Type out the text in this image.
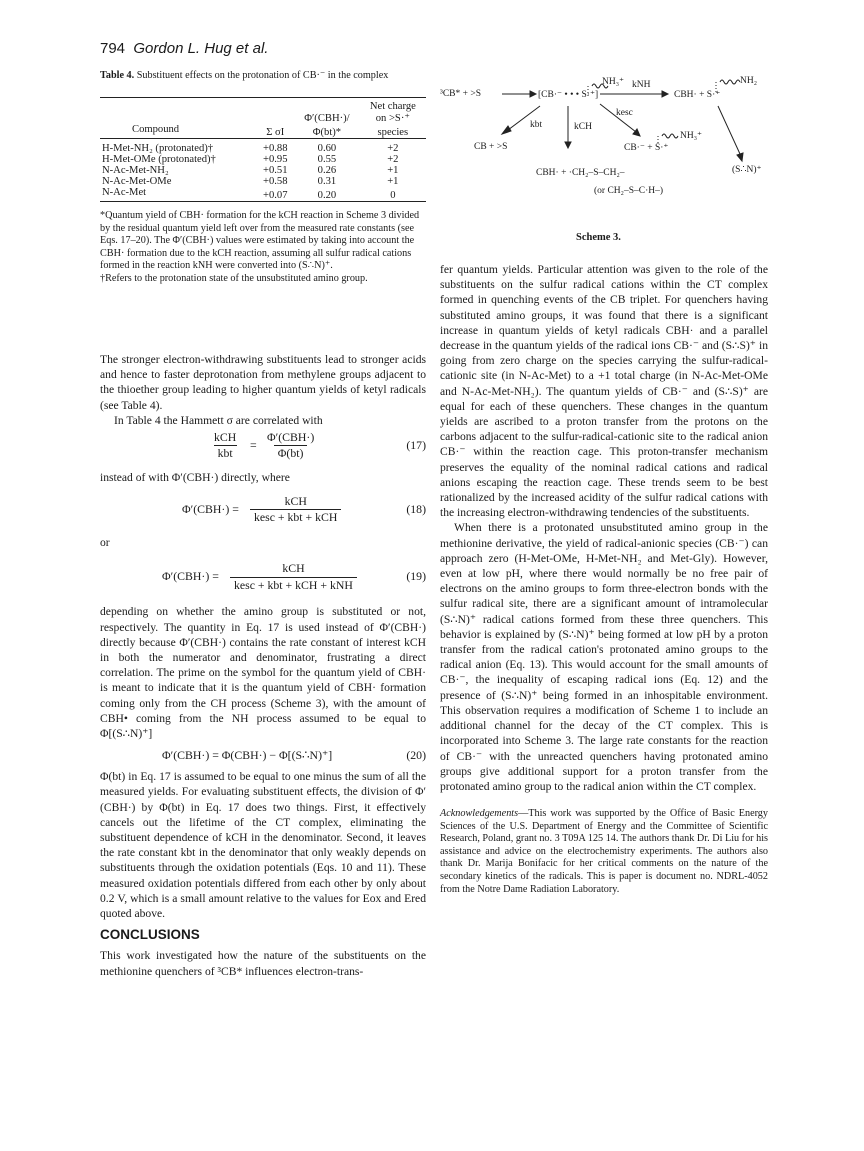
794 Gordon L. Hug et al.

Table 4. Substituent effects on the protonation of CB·⁻ in the complex

			Net charge
		Φ′(CBH·)/	on >S·⁺
Compound	Σ σI	Φ(bt)*	species

H-Met-NH₂ (protonated)†	+0.88	0.60	+2
H-Met-OMe (protonated)†	+0.95	0.55	+2
N-Ac-Met-NH₂	+0.51	0.26	+1
N-Ac-Met-OMe	+0.58	0.31	+1
N-Ac-Met	+0.07	0.20	0

*Quantum yield of CBH· formation for the kCH reaction in Scheme 3 divided by the residual quantum yield left over from the measured rate constants (see Eqs. 17–20). The Φ′(CBH·) values were estimated by taking into account the CBH· formation due to the kCH reaction, assuming all sulfur radical cations formed in the reaction kNH were converted into (S∴N)⁺.

†Refers to the protonation state of the unsubstituted amino group.

The stronger electron-withdrawing substituents lead to stronger acids and hence to faster deprotonation from methylene groups adjacent to the thioether group leading to higher quantum yields of ketyl radicals (see Table 4).

In Table 4 the Hammett σ are correlated with

kCH
kbt
=
Φ′(CBH·)
Φ(bt)
(17)

instead of with Φ′(CBH·) directly, where

Φ′(CBH·) =
kCH
kesc + kbt + kCH
(18)

or

Φ′(CBH·) =
kCH
kesc + kbt + kCH + kNH
(19)

depending on whether the amino group is substituted or not, respectively. The quantity in Eq. 17 is used instead of Φ′(CBH·) directly because Φ′(CBH·) contains the rate constant of interest kCH in both the numerator and denominator, frustrating a direct correlation. The prime on the symbol for the quantum yield of CBH· is meant to indicate that it is the quantum yield of CBH· formation coming only from the CH process (Scheme 3), with the amount of CBH• coming from the NH process assumed to be equal to Φ[(S∴N)⁺]

Φ′(CBH·) = Φ(CBH·) − Φ[(S∴N)⁺]	(20)

Φ(bt) in Eq. 17 is assumed to be equal to one minus the sum of all the measured yields. For evaluating substituent effects, the division of Φ′(CBH·) by Φ(bt) in Eq. 17 does two things. First, it effectively cancels out the lifetime of the CT complex, eliminating the substituent dependence of kCH in the denominator. Second, it leaves the rate constant kbt in the denominator that only weakly depends on substituents through the oxidation potentials (Eqs. 10 and 11). These measured oxidation potentials differed from each other by only about 0.2 V, which is a small amount relative to the values for Eox and Ered quoted above.

CONCLUSIONS

This work investigated how the nature of the substituents on the methionine quenchers of ³CB* influences electron-trans-

³CB* + >S	[CB·⁻ • • • S·⁺]
NH₃⁺ kNH
CBH· + S·⁺
NH₂
kesc
kbt	kCH
NH₃⁺
CB + >S	CB·⁻ + S·⁺
(S∴N)⁺
CBH· + ·CH₂–S–CH₂–
(or CH₂–S–C·H–)
Scheme 3.

fer quantum yields. Particular attention was given to the role of the substituents on the sulfur radical cations within the CT complex formed in quenching events of the CB triplet. For quenchers having substituted amino groups, it was found that there is a significant increase in quantum yields of ketyl radicals CBH· and a parallel decrease in the quantum yields of the radical ions CB·⁻ and (S∴S)⁺ in going from zero charge on the species carrying the sulfur-radical-cationic site (in N-Ac-Met) to a +1 total charge (in N-Ac-Met-OMe and N-Ac-Met-NH₂). The quantum yields of CB·⁻ and (S∴S)⁺ are equal for each of these quenchers. These changes in the quantum yields are ascribed to a proton transfer from the protons on the carbons adjacent to the sulfur-radical-cationic site to the radical anion CB·⁻ within the reaction cage. This proton-transfer mechanism preserves the equality of the nominal radical cations and radical anions escaping the reaction cage. These trends seem to be best rationalized by the increased acidity of the sulfur radical cations with the increasing electron-withdrawing tendencies of the substituents.

When there is a protonated unsubstituted amino group in the methionine derivative, the yield of radical-anionic species (CB·⁻) can approach zero (H-Met-OMe, H-Met-NH₂ and Met-Gly). However, even at low pH, where there would normally be no free pair of electrons on the amino groups to form three-electron bonds with the sulfur radical site, there are a significant amount of intramolecular (S∴N)⁺ radical cations formed from these three quenchers. This behavior is explained by (S∴N)⁺ being formed at low pH by a proton transfer from the radical cation's protonated amino groups to the radical anion (Eq. 13). This would account for the small amounts of CB·⁻, the inequality of escaping radical ions (Eq. 12) and the presence of (S∴N)⁺ being formed in an inhospitable environment. This observation requires a modification of Scheme 1 to include an additional channel for the decay of the CT complex. This is incorporated into Scheme 3. The large rate constants for the reaction of CB·⁻ with the unreacted quenchers having protonated amino groups give additional support for a proton transfer from the protonated amino group to the radical anion within the CT complex.

Acknowledgements—This work was supported by the Office of Basic Energy Sciences of the U.S. Department of Energy and the Committee of Scientific Research, Poland, grant no. 3 T09A 125 14. The authors thank Dr. Di Liu for his assistance and advice on the electrochemistry experiments. The authors also thank Dr. Marija Bonifacic for her critical comments on the nature of the secondary kinetics of the radicals. This is paper is document no. NDRL-4052 from the Notre Dame Radiation Laboratory.
